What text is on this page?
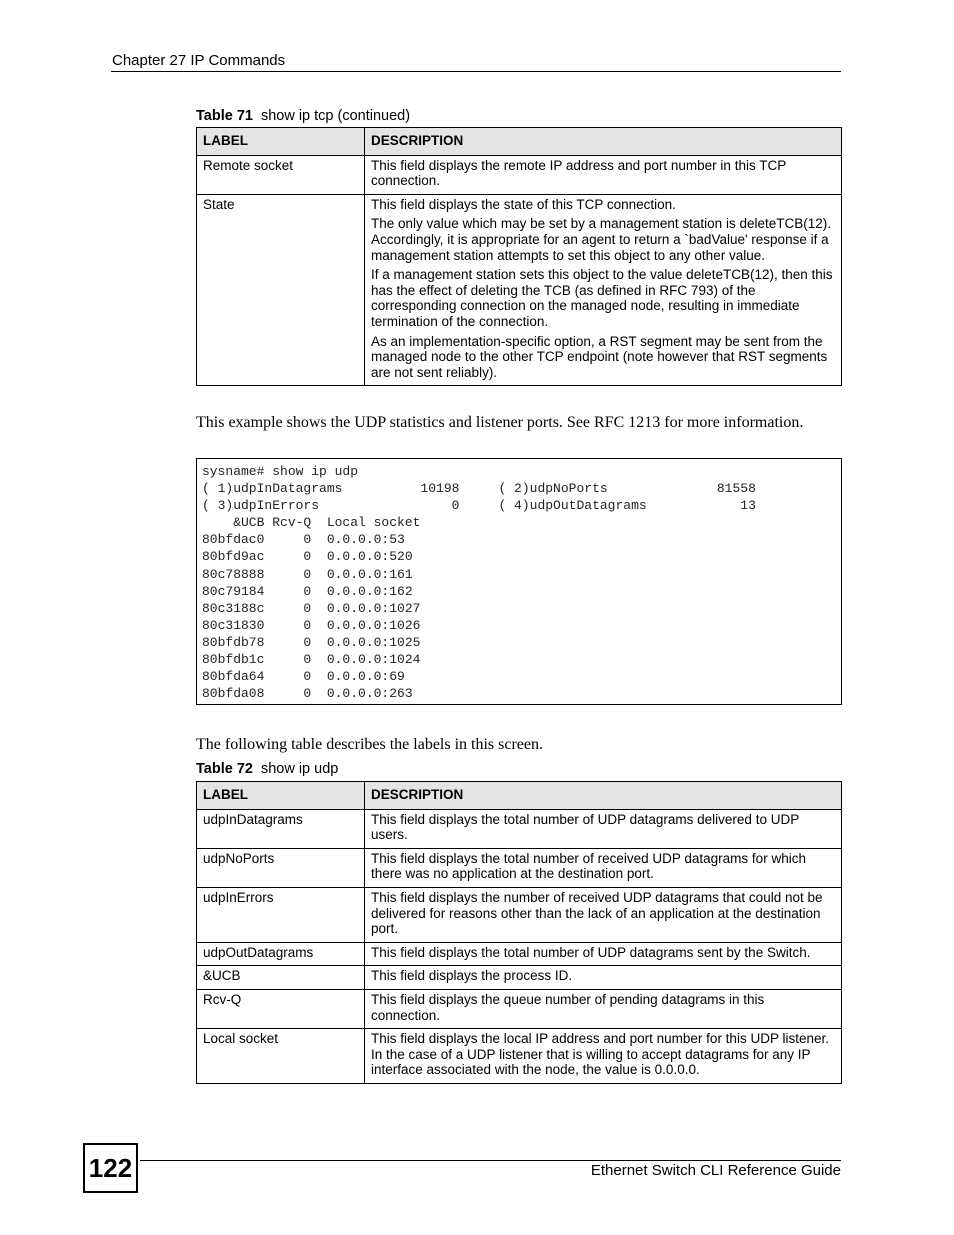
Chapter 27 IP Commands
Table 71 show ip tcp (continued)
LABEL	DESCRIPTION
Remote socket	This field displays the remote IP address and port number in this TCP connection.

State	This field displays the state of this TCP connection.

The only value which may be set by a management station is deleteTCB(12). Accordingly, it is appropriate for an agent to return a `badValue' response if a management station attempts to set this object to any other value.

If a management station sets this object to the value deleteTCB(12), then this has the effect of deleting the TCB (as defined in RFC 793) of the corresponding connection on the managed node, resulting in immediate termination of the connection.

As an implementation-specific option, a RST segment may be sent from the managed node to the other TCP endpoint (note however that RST segments are not sent reliably).

This example shows the UDP statistics and listener ports. See RFC 1213 for more information.
sysname# show ip udp
( 1)udpInDatagrams          10198     ( 2)udpNoPorts              81558
( 3)udpInErrors                 0     ( 4)udpOutDatagrams            13
&UCB Rcv-Q  Local socket
80bfdac0     0  0.0.0.0:53
80bfd9ac     0  0.0.0.0:520
80c78888     0  0.0.0.0:161
80c79184     0  0.0.0.0:162
80c3188c     0  0.0.0.0:1027
80c31830     0  0.0.0.0:1026
80bfdb78     0  0.0.0.0:1025
80bfdb1c     0  0.0.0.0:1024
80bfda64     0  0.0.0.0:69
80bfda08     0  0.0.0.0:263
The following table describes the labels in this screen.
Table 72 show ip udp
LABEL	DESCRIPTION
udpInDatagrams	This field displays the total number of UDP datagrams delivered to UDP users.
udpNoPorts	This field displays the total number of received UDP datagrams for which there was no application at the destination port.
udpInErrors	This field displays the number of received UDP datagrams that could not be delivered for reasons other than the lack of an application at the destination port.
udpOutDatagrams	This field displays the total number of UDP datagrams sent by the Switch.
&UCB	This field displays the process ID.
Rcv-Q	This field displays the queue number of pending datagrams in this connection.
Local socket	This field displays the local IP address and port number for this UDP listener. In the case of a UDP listener that is willing to accept datagrams for any IP interface associated with the node, the value is 0.0.0.0.
122	Ethernet Switch CLI Reference Guide
